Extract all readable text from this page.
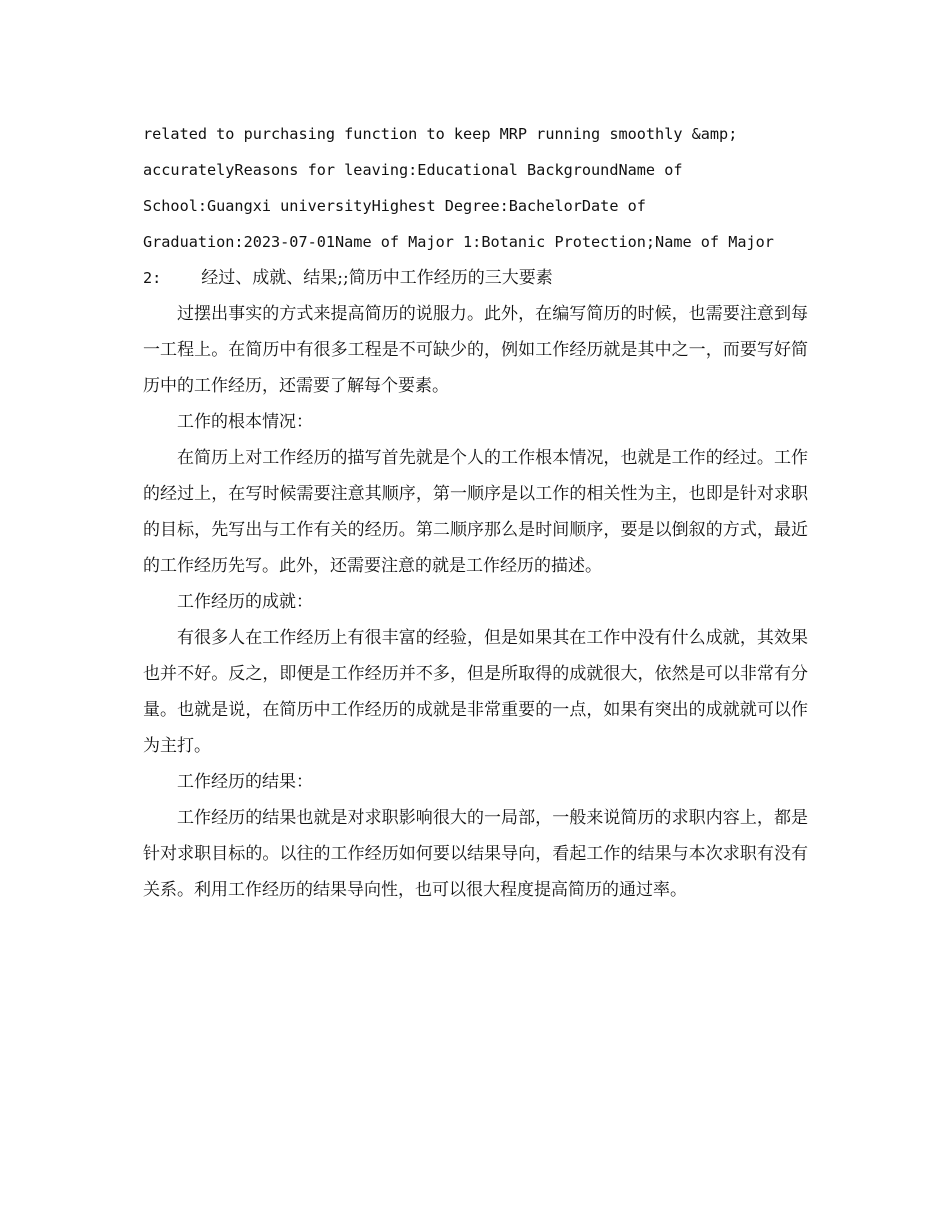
related to purchasing function to keep MRP running smoothly &amp;

accuratelyReasons for leaving:Educational BackgroundName of

School:Guangxi universityHighest Degree:BachelorDate of

Graduation:2023-07-01Name of Major 1:Botanic Protection;Name of Major

2: 经过、成就、结果;;简历中工作经历的三大要素

过摆出事实的方式来提高简历的说服力。此外，在编写简历的时候，也需要注意到每一工程上。在简历中有很多工程是不可缺少的，例如工作经历就是其中之一，而要写好简历中的工作经历，还需要了解每个要素。

工作的根本情况：

在简历上对工作经历的描写首先就是个人的工作根本情况，也就是工作的经过。工作的经过上，在写时候需要注意其顺序，第一顺序是以工作的相关性为主，也即是针对求职的目标，先写出与工作有关的经历。第二顺序那么是时间顺序，要是以倒叙的方式，最近的工作经历先写。此外，还需要注意的就是工作经历的描述。

工作经历的成就：

有很多人在工作经历上有很丰富的经验，但是如果其在工作中没有什么成就，其效果也并不好。反之，即便是工作经历并不多，但是所取得的成就很大，依然是可以非常有分量。也就是说，在简历中工作经历的成就是非常重要的一点，如果有突出的成就就可以作为主打。

工作经历的结果：

工作经历的结果也就是对求职影响很大的一局部，一般来说简历的求职内容上，都是针对求职目标的。以往的工作经历如何要以结果导向，看起工作的结果与本次求职有没有关系。利用工作经历的结果导向性，也可以很大程度提高简历的通过率。
